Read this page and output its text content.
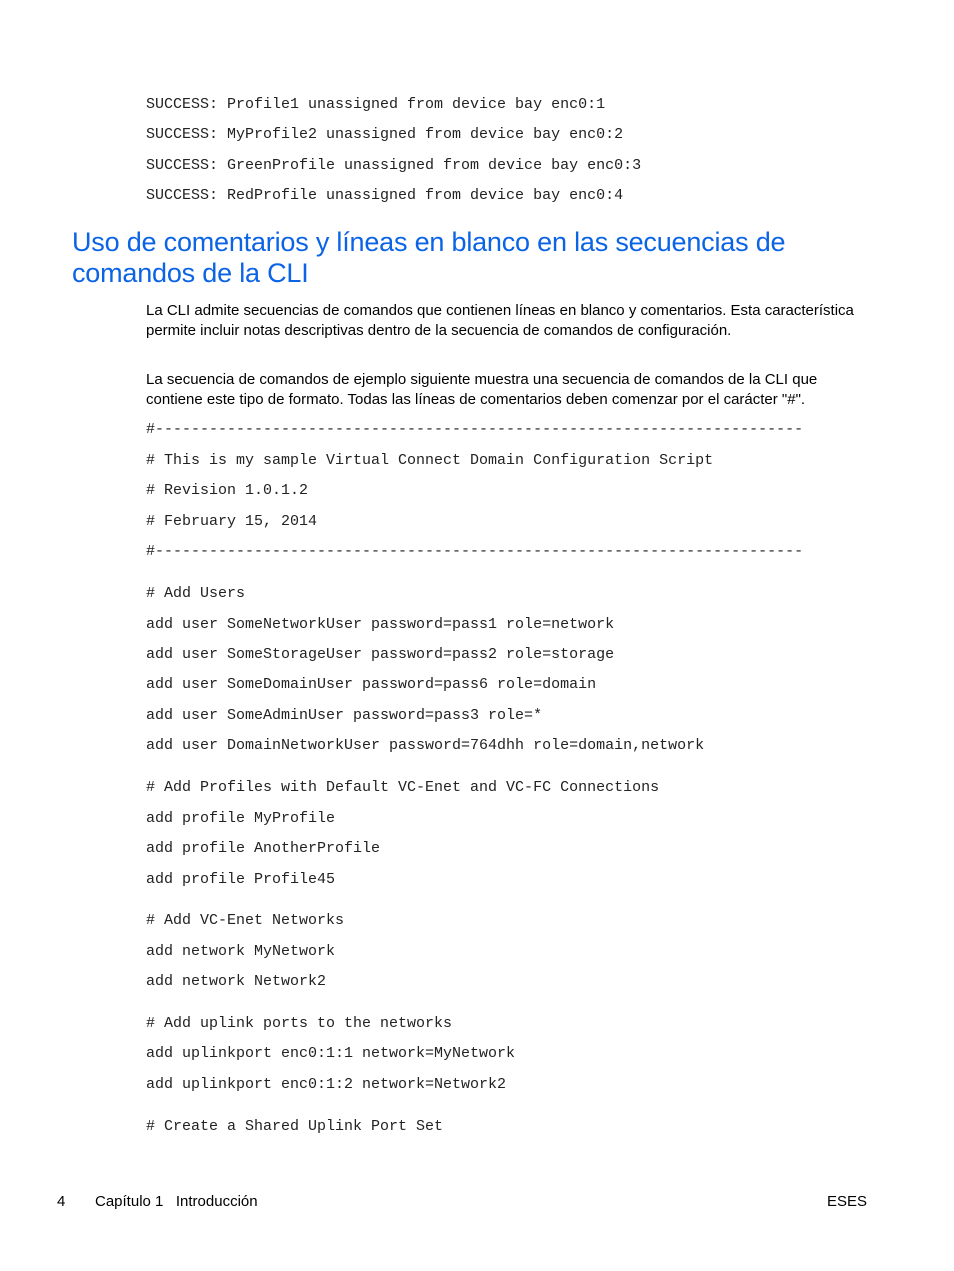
SUCCESS: Profile1 unassigned from device bay enc0:1
SUCCESS: MyProfile2 unassigned from device bay enc0:2
SUCCESS: GreenProfile unassigned from device bay enc0:3
SUCCESS: RedProfile unassigned from device bay enc0:4
Uso de comentarios y líneas en blanco en las secuencias de comandos de la CLI

La CLI admite secuencias de comandos que contienen líneas en blanco y comentarios. Esta característica permite incluir notas descriptivas dentro de la secuencia de comandos de configuración.

La secuencia de comandos de ejemplo siguiente muestra una secuencia de comandos de la CLI que contiene este tipo de formato. Todas las líneas de comentarios deben comenzar por el carácter "#".

#------------------------------------------------------------------------
# This is my sample Virtual Connect Domain Configuration Script
# Revision 1.0.1.2
# February 15, 2014
#------------------------------------------------------------------------
# Add Users
add user SomeNetworkUser password=pass1 role=network
add user SomeStorageUser password=pass2 role=storage
add user SomeDomainUser password=pass6 role=domain
add user SomeAdminUser password=pass3 role=*
add user DomainNetworkUser password=764dhh role=domain,network
# Add Profiles with Default VC-Enet and VC-FC Connections
add profile MyProfile
add profile AnotherProfile
add profile Profile45
# Add VC-Enet Networks
add network MyNetwork
add network Network2
# Add uplink ports to the networks
add uplinkport enc0:1:1 network=MyNetwork
add uplinkport enc0:1:2 network=Network2
# Create a Shared Uplink Port Set
4 Capítulo 1   Introducción	ESES
